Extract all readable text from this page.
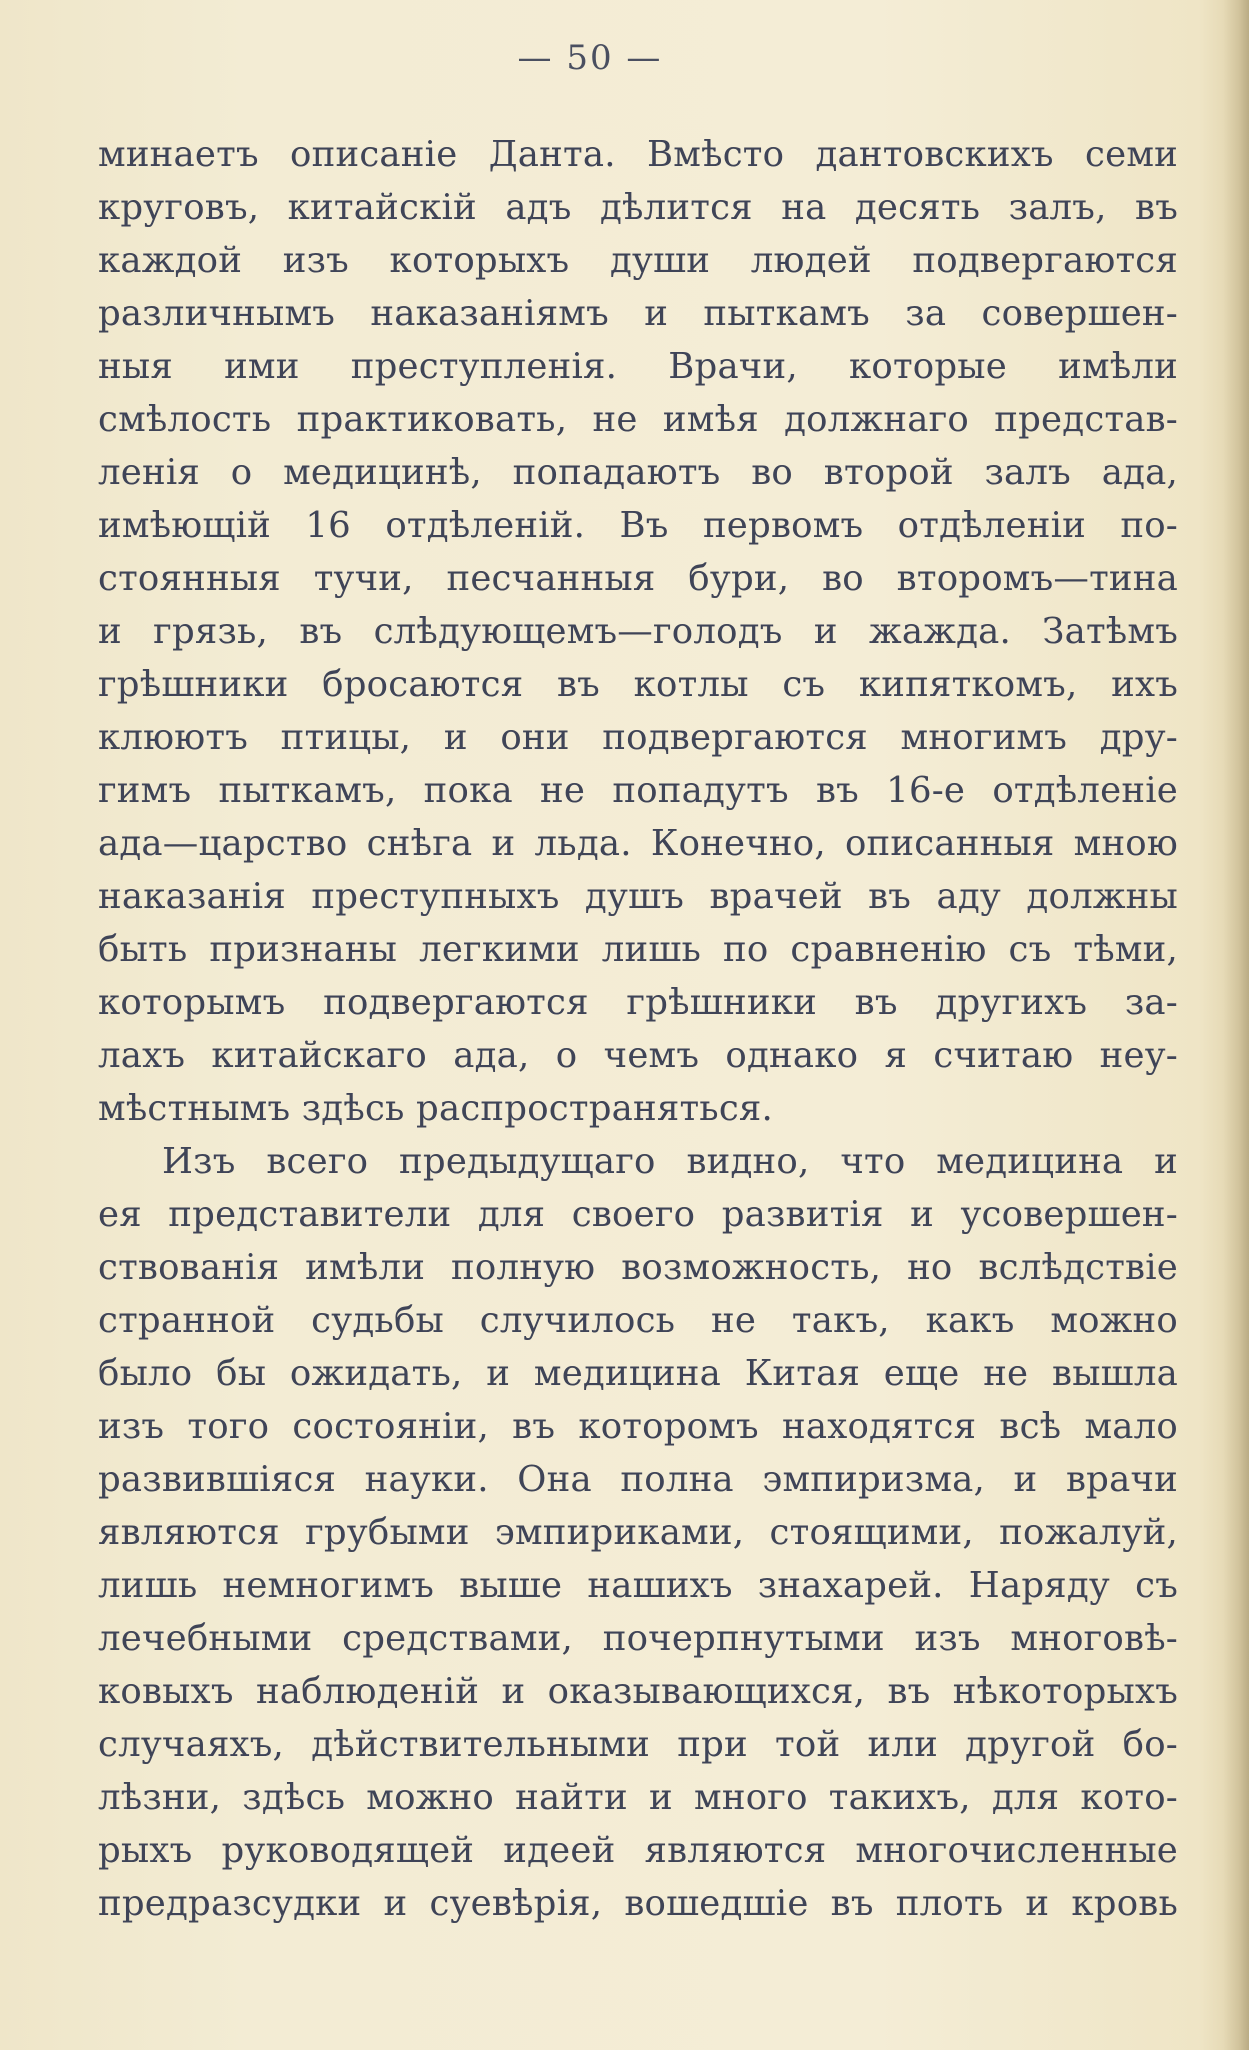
— 50 —
минаетъ описанiе Данта. Вмѣсто дантовскихъ семи
круговъ, китайскiй адъ дѣлится на десять залъ, въ
каждой изъ которыхъ души людей подвергаются
различнымъ наказанiямъ и пыткамъ за совершен-
ныя ими преступленiя. Врачи, которые имѣли
смѣлость практиковать, не имѣя должнаго представ-
ленiя о медицинѣ, попадаютъ во второй залъ ада,
имѣющiй 16 отдѣленiй. Въ первомъ отдѣленiи по-
стоянныя тучи, песчанныя бури, во второмъ—тина
и грязь, въ слѣдующемъ—голодъ и жажда. Затѣмъ
грѣшники бросаются въ котлы съ кипяткомъ, ихъ
клюютъ птицы, и они подвергаются многимъ дру-
гимъ пыткамъ, пока не попадутъ въ 16-е отдѣленiе
ада—царство снѣга и льда. Конечно, описанныя мною
наказанiя преступныхъ душъ врачей въ аду должны
быть признаны легкими лишь по сравненiю съ тѣми,
которымъ подвергаются грѣшники въ другихъ за-
лахъ китайскаго ада, о чемъ однако я считаю неу-
мѣстнымъ здѣсь распространяться.
Изъ всего предыдущаго видно, что медицина и
ея представители для своего развитiя и усовершен-
ствованiя имѣли полную возможность, но вслѣдствiе
странной судьбы случилось не такъ, какъ можно
было бы ожидать, и медицина Китая еще не вышла
изъ того состоянiи, въ которомъ находятся всѣ мало
развившiяся науки. Она полна эмпиризма, и врачи
являются грубыми эмпириками, стоящими, пожалуй,
лишь немногимъ выше нашихъ знахарей. Наряду съ
лечебными средствами, почерпнутыми изъ многовѣ-
ковыхъ наблюденiй и оказывающихся, въ нѣкоторыхъ
случаяхъ, дѣйствительными при той или другой бо-
лѣзни, здѣсь можно найти и много такихъ, для кото-
рыхъ руководящей идеей являются многочисленные
предразсудки и суевѣрiя, вошедшiе въ плоть и кровь
